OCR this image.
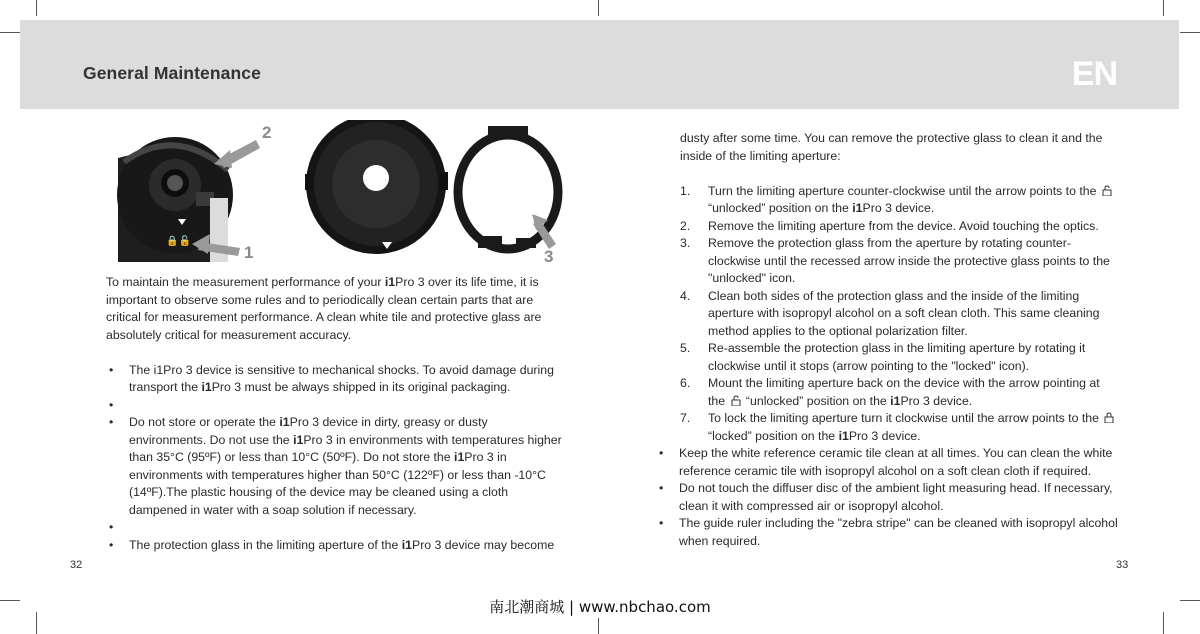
General Maintenance	EN
🔒🔓
2
1	3

To maintain the measurement performance of your i1Pro 3 over its life time, it is important to observe some rules and to periodically clean certain parts that are critical for measurement performance. A clean white tile and protective glass are absolutely critical for measurement accuracy.

• The i1Pro 3 device is sensitive to mechanical shocks. To avoid damage during transport the i1Pro 3 must be always shipped in its original packaging.
•
• Do not store or operate the i1Pro 3 device in dirty, greasy or dusty environments. Do not use the i1Pro 3 in environments with temperatures higher than 35°C (95ºF) or less than 10°C (50ºF). Do not store the i1Pro 3 in environments with temperatures higher than 50°C (122ºF) or less than -10°C (14ºF).The plastic housing of the device may be cleaned using a cloth dampened in water with a soap solution if necessary.
•
• The protection glass in the limiting aperture of the i1Pro 3 device may become

dusty after some time. You can remove the protective glass to clean it and the inside of the limiting aperture:

1. Turn the limiting aperture counter-clockwise until the arrow points to the  “unlocked” position on the i1Pro 3 device.
2. Remove the limiting aperture from the device. Avoid touching the optics.
3. Remove the protection glass from the aperture by rotating counter-clockwise until the recessed arrow inside the protective glass points to the "unlocked" icon.
4. Clean both sides of the protection glass and the inside of the limiting aperture with isopropyl alcohol on a soft clean cloth. This same cleaning method applies to the optional polarization filter.
5. Re-assemble the protection glass in the limiting aperture by rotating it clockwise until it stops (arrow pointing to the "locked" icon).
6. Mount the limiting aperture back on the device with the arrow pointing at the  “unlocked” position on the i1Pro 3 device.
7. To lock the limiting aperture turn it clockwise until the arrow points to the  “locked” position on the i1Pro 3 device.
• Keep the white reference ceramic tile clean at all times. You can clean the white reference ceramic tile with isopropyl alcohol on a soft clean cloth if required.
• Do not touch the diffuser disc of the ambient light measuring head. If necessary, clean it with compressed air or isopropyl alcohol.
• The guide ruler including the "zebra stripe" can be cleaned with isopropyl alcohol when required.
32	33
南北潮商城 | www.nbchao.com
